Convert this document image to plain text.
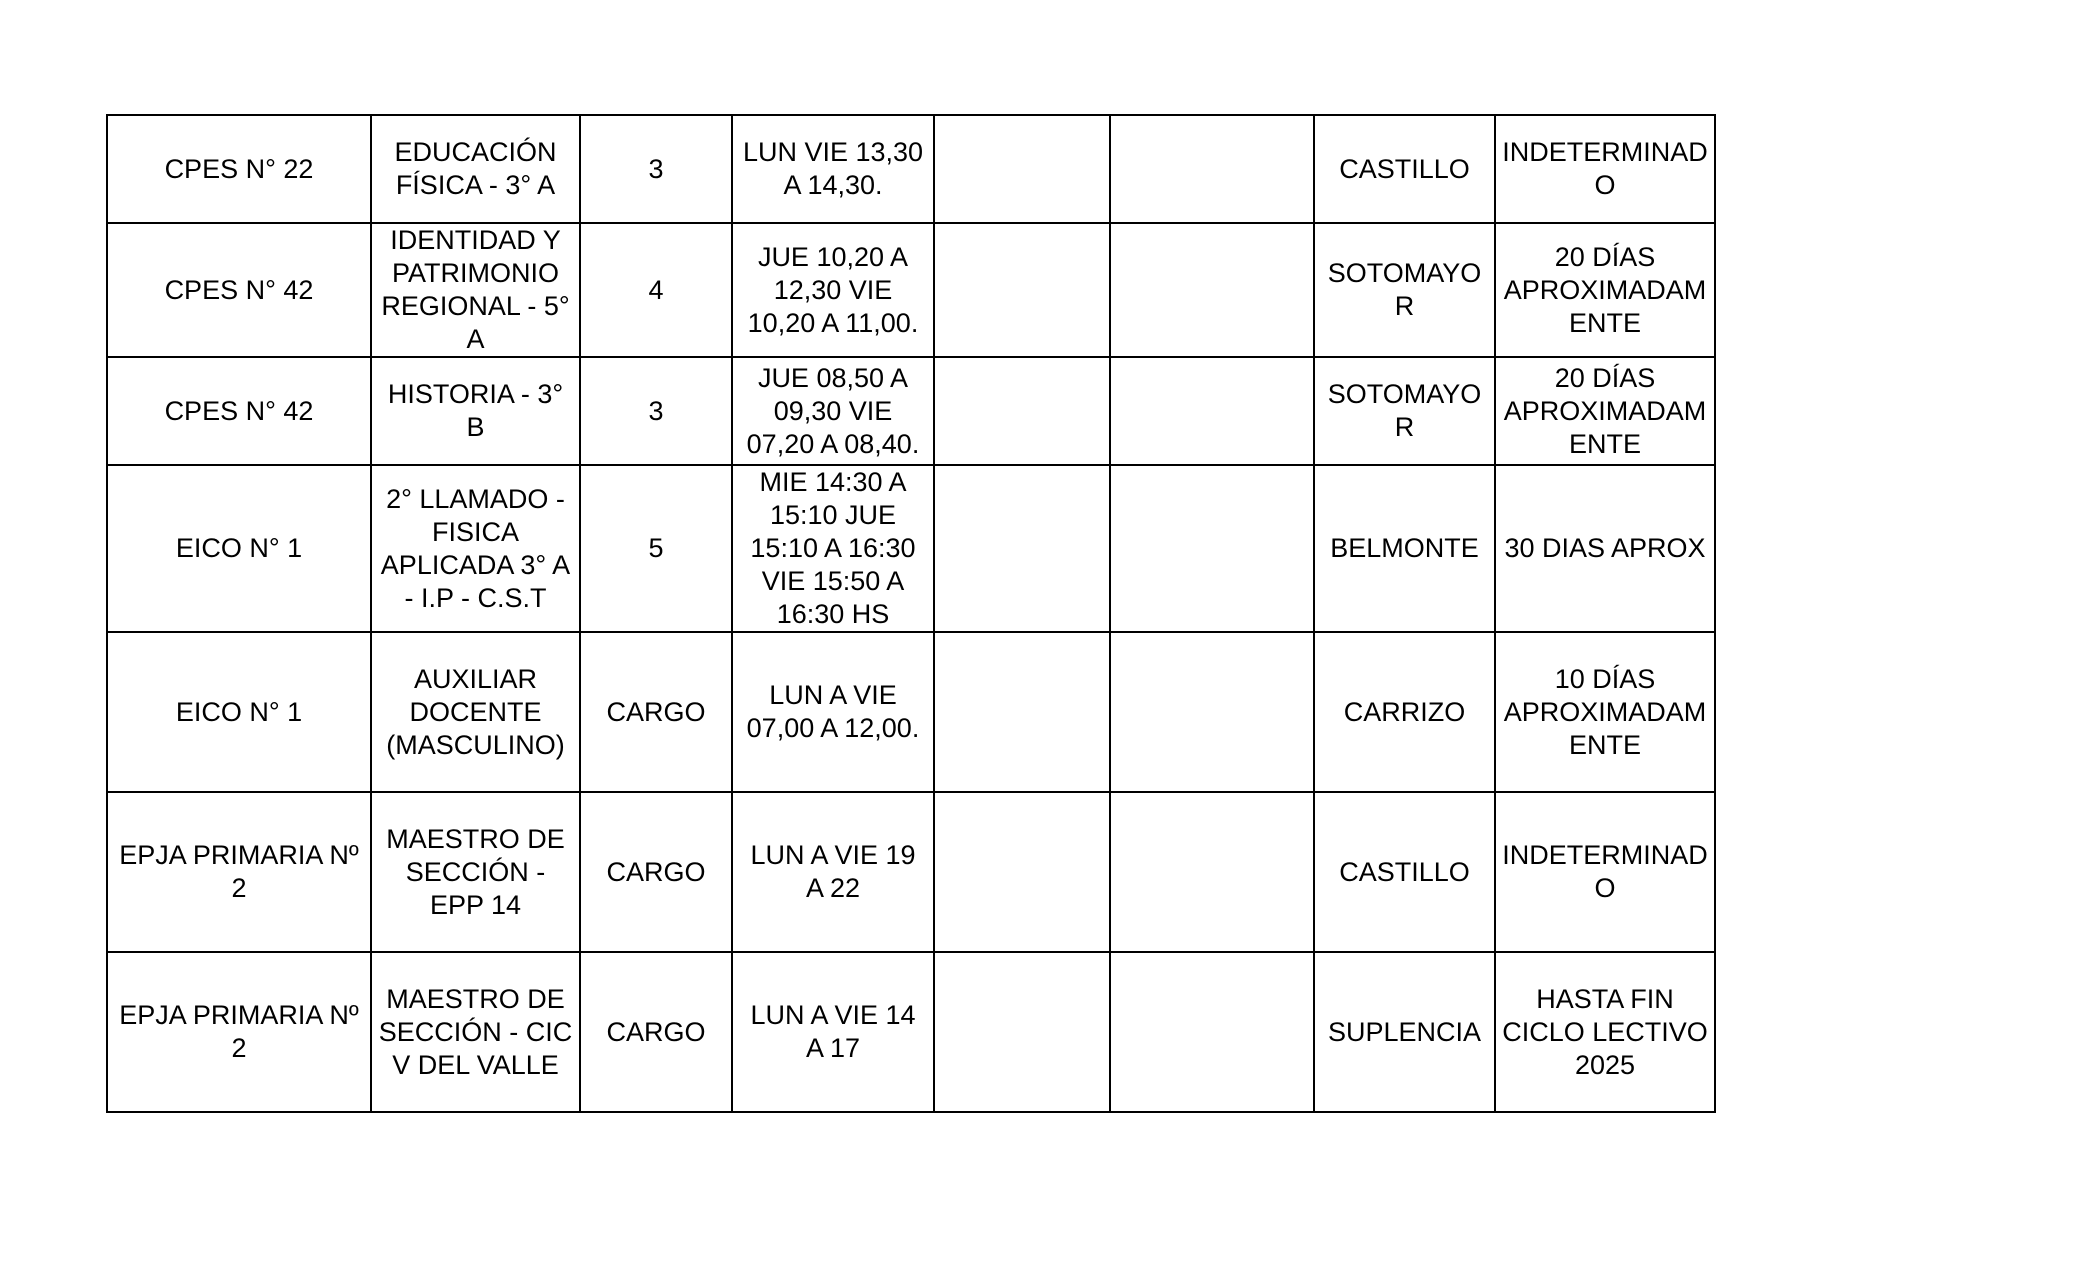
CPES N° 22	EDUCACIÓN
FÍSICA - 3° A	3	LUN VIE 13,30
A 14,30.			CASTILLO	INDETERMINAD
O

CPES N° 42	IDENTIDAD Y
PATRIMONIO
REGIONAL - 5°
A	4	JUE 10,20 A
12,30 VIE
10,20 A 11,00.			SOTOMAYO
R	20 DÍAS
APROXIMADAM
ENTE

CPES N° 42	HISTORIA - 3°
B	3	JUE 08,50 A
09,30 VIE
07,20 A 08,40.			SOTOMAYO
R	20 DÍAS
APROXIMADAM
ENTE

EICO N° 1	2° LLAMADO -
FISICA
APLICADA 3° A
- I.P - C.S.T	5	MIE 14:30 A
15:10 JUE
15:10 A 16:30
VIE 15:50 A
16:30 HS			BELMONTE	30 DIAS APROX

EICO N° 1	AUXILIAR
DOCENTE
(MASCULINO)	CARGO	LUN A VIE
07,00 A 12,00.			CARRIZO	10 DÍAS
APROXIMADAM
ENTE

EPJA PRIMARIA Nº
2	MAESTRO DE
SECCIÓN -
EPP 14	CARGO	LUN A VIE 19
A 22			CASTILLO	INDETERMINAD
O

EPJA PRIMARIA Nº
2	MAESTRO DE
SECCIÓN - CIC
V DEL VALLE	CARGO	LUN A VIE 14
A 17			SUPLENCIA	HASTA FIN
CICLO LECTIVO
2025
